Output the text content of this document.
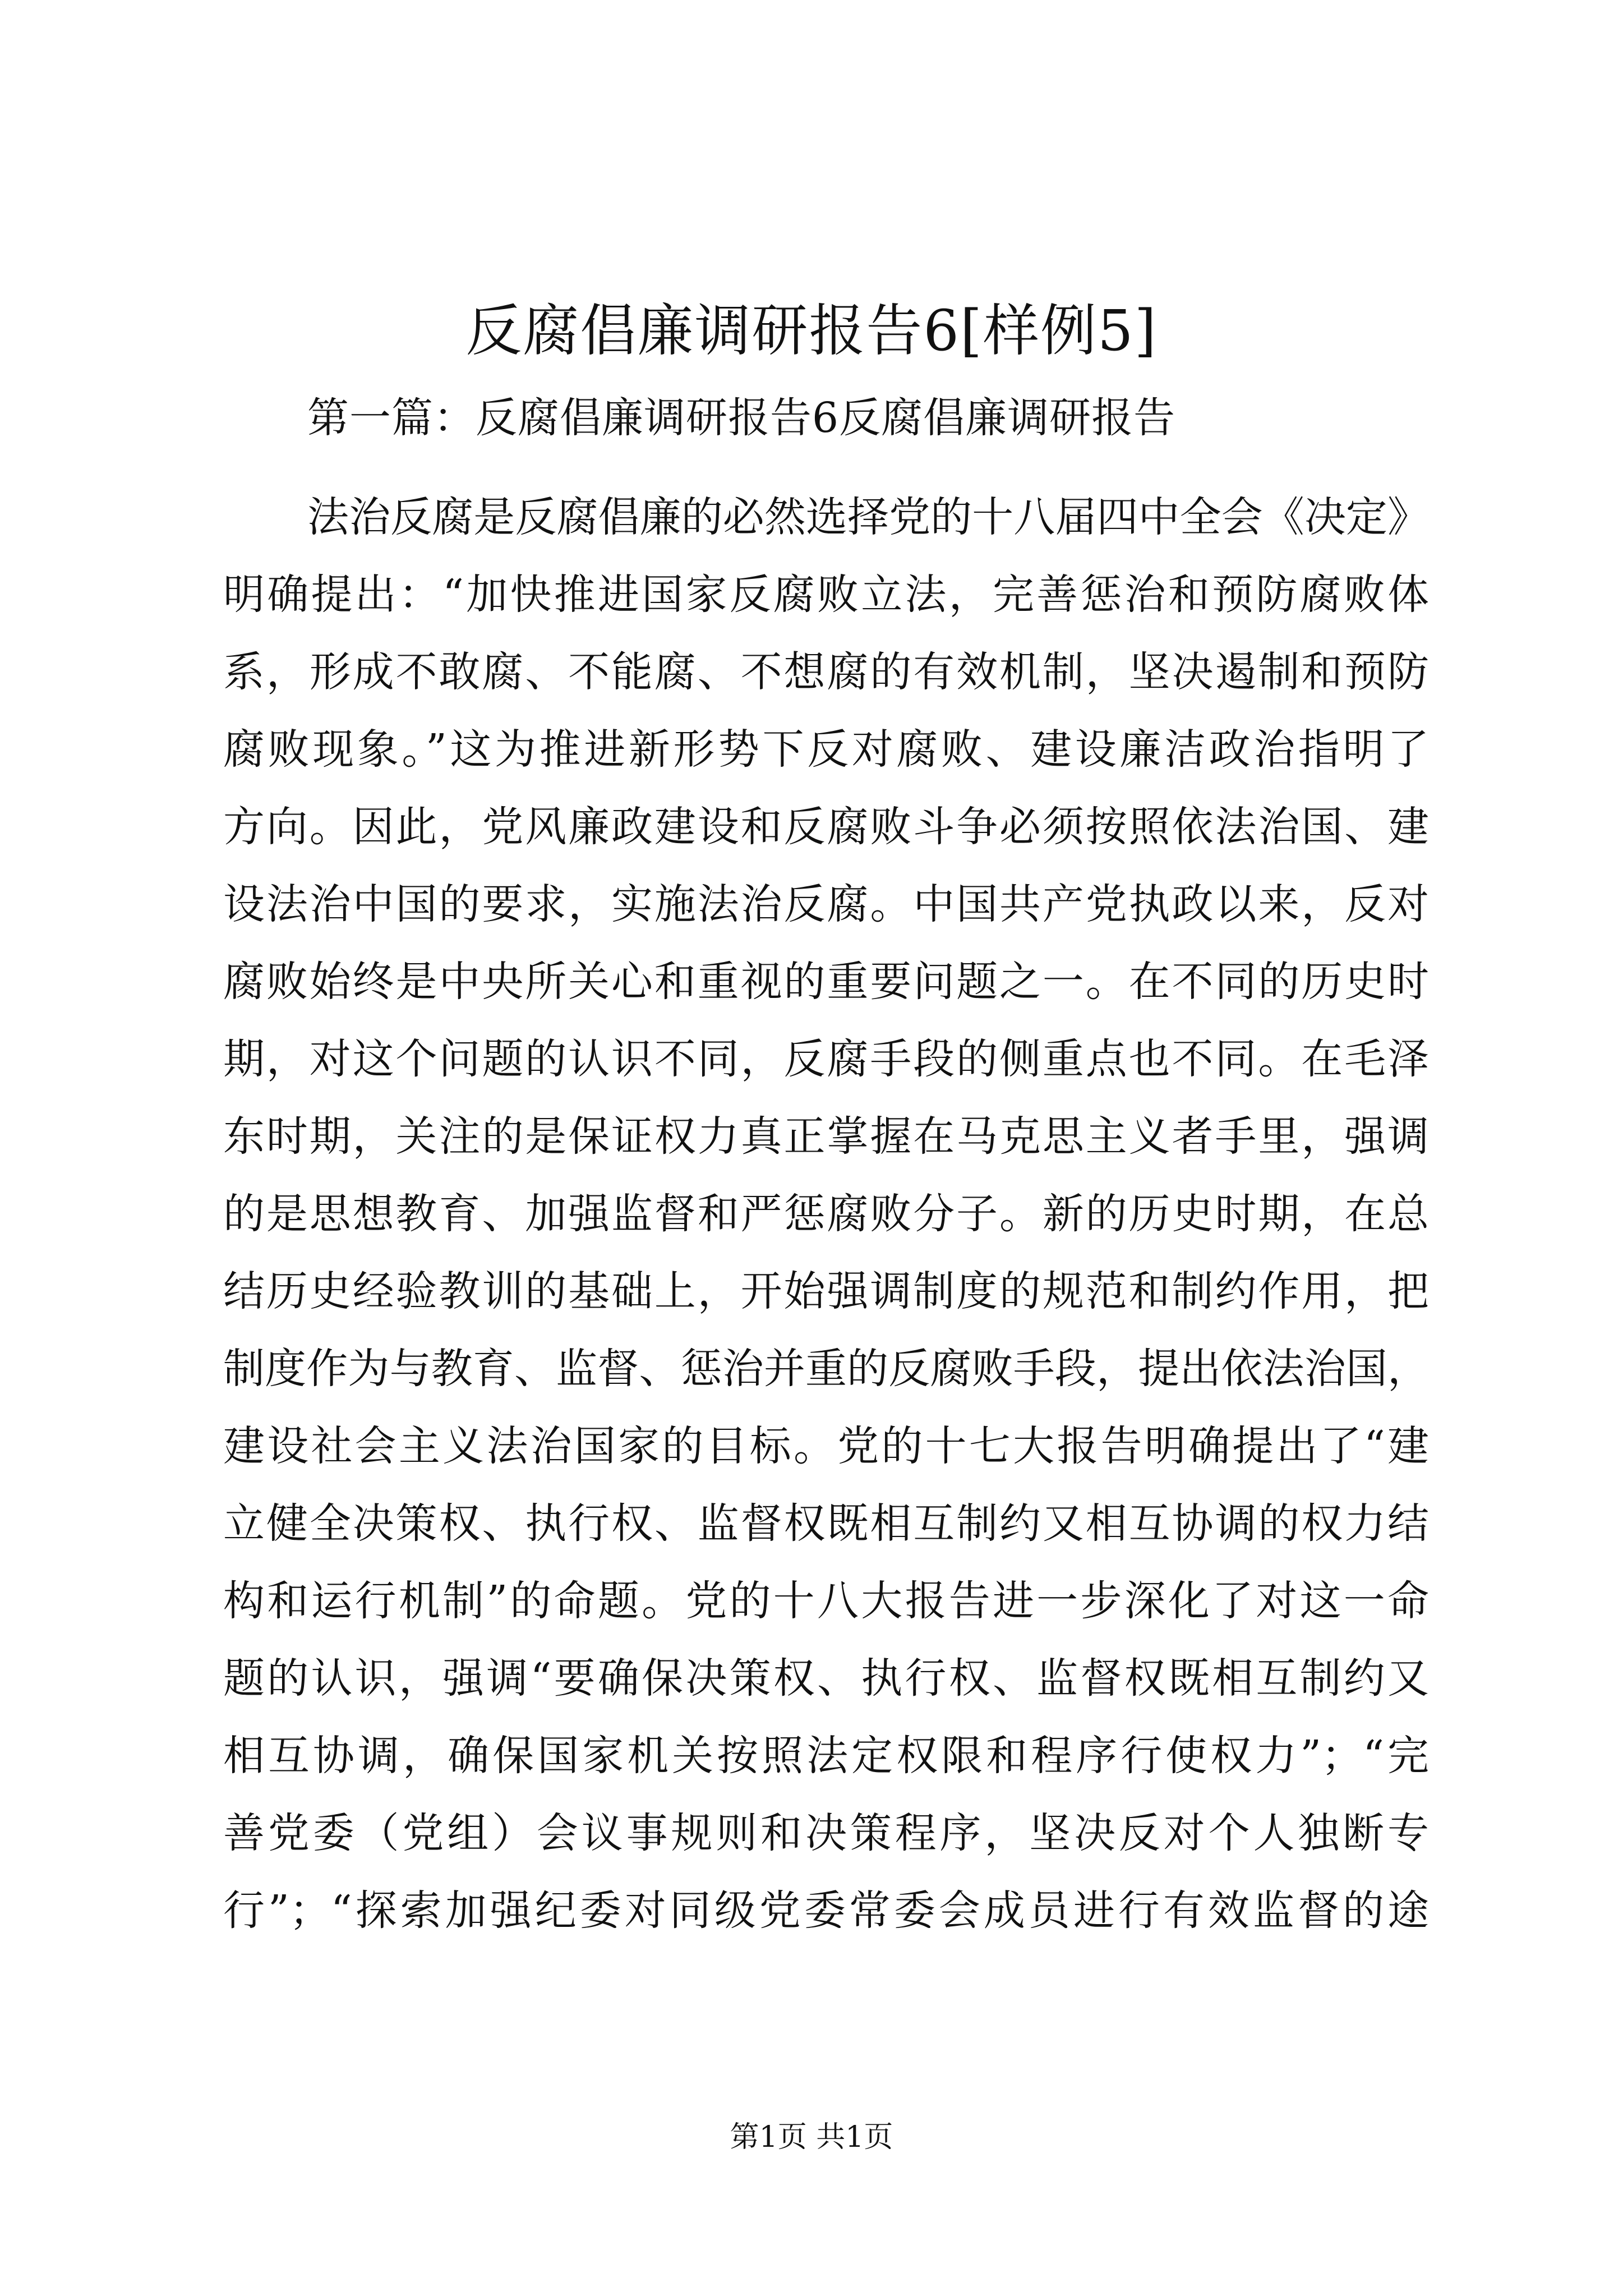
反腐倡廉调研报告6[样例5]

第一篇：反腐倡廉调研报告6反腐倡廉调研报告

法治反腐是反腐倡廉的必然选择党的十八届四中全会《决定》
明确提出：“加快推进国家反腐败立法，完善惩治和预防腐败体
系，形成不敢腐、不能腐、不想腐的有效机制，坚决遏制和预防
腐败现象。”这为推进新形势下反对腐败、建设廉洁政治指明了
方向。因此，党风廉政建设和反腐败斗争必须按照依法治国、建
设法治中国的要求，实施法治反腐。中国共产党执政以来，反对
腐败始终是中央所关心和重视的重要问题之一。在不同的历史时
期，对这个问题的认识不同，反腐手段的侧重点也不同。在毛泽
东时期，关注的是保证权力真正掌握在马克思主义者手里，强调
的是思想教育、加强监督和严惩腐败分子。新的历史时期，在总
结历史经验教训的基础上，开始强调制度的规范和制约作用，把
制度作为与教育、监督、惩治并重的反腐败手段，提出依法治国，
建设社会主义法治国家的目标。党的十七大报告明确提出了“建
立健全决策权、执行权、监督权既相互制约又相互协调的权力结
构和运行机制”的命题。党的十八大报告进一步深化了对这一命
题的认识，强调“要确保决策权、执行权、监督权既相互制约又
相互协调，确保国家机关按照法定权限和程序行使权力”；“完
善党委（党组）会议事规则和决策程序，坚决反对个人独断专
行”；“探索加强纪委对同级党委常委会成员进行有效监督的途
第1页 共1页
